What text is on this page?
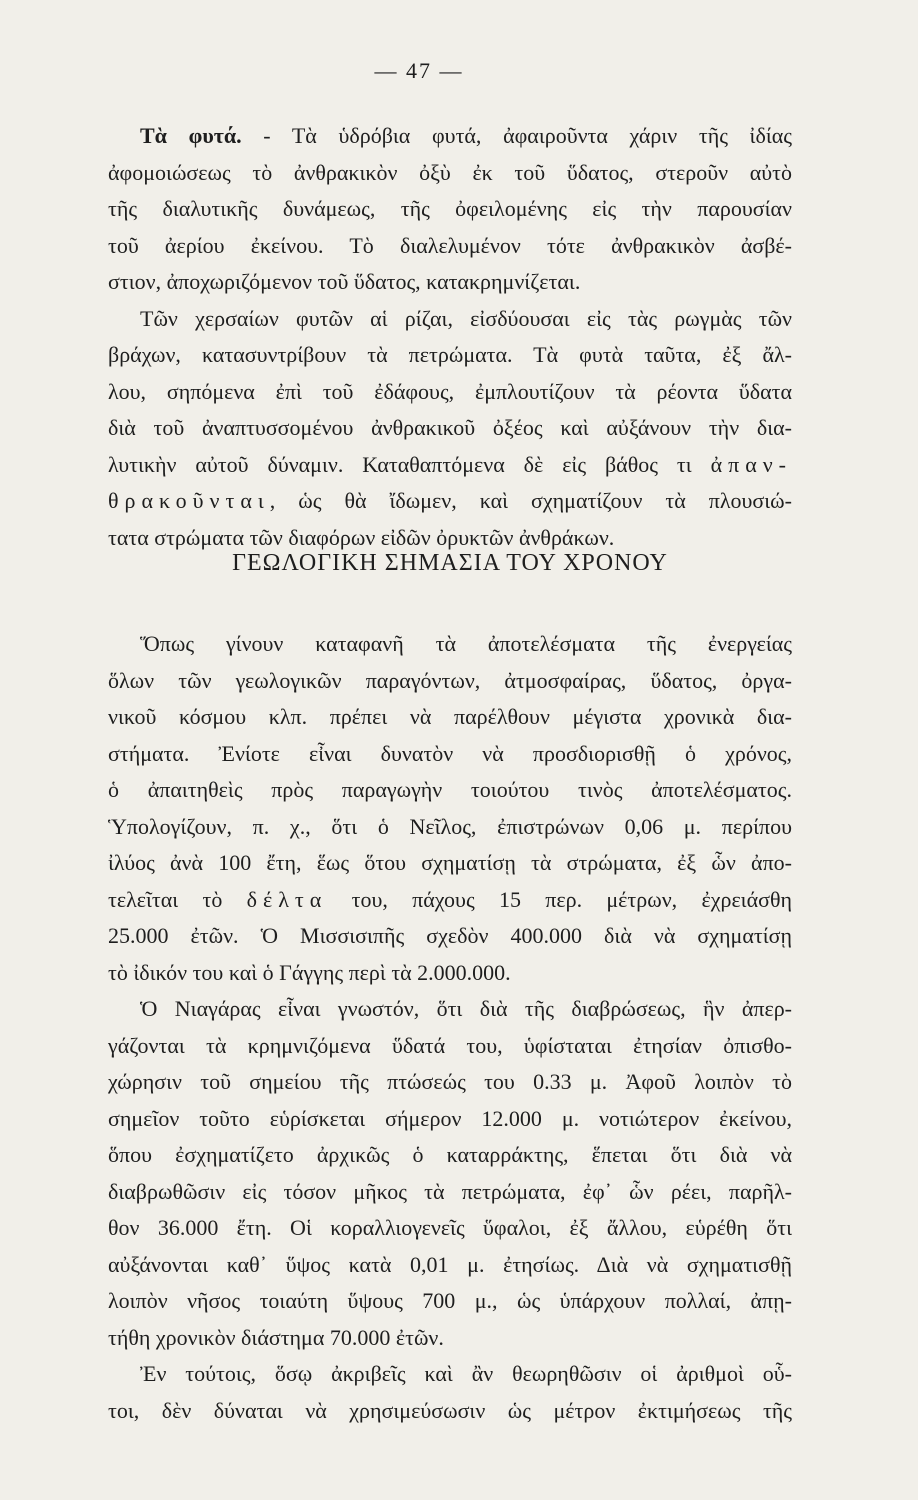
— 47 —
Τὰ φυτά. - Τὰ ὑδρόβια φυτά, ἀφαιροῦντα χάριν τῆς ἰδίας
ἀφομοιώσεως τὸ ἀνθρακικὸν ὀξὺ ἐκ τοῦ ὕδατος, στεροῦν αὐτὸ
τῆς διαλυτικῆς δυνάμεως, τῆς ὀφειλομένης εἰς τὴν παρουσίαν
τοῦ ἀερίου ἐκείνου. Τὸ διαλελυμένον τότε ἀνθρακικὸν ἀσβέ-
στιον, ἀποχωριζόμενον τοῦ ὕδατος, κατακρημνίζεται.
Τῶν χερσαίων φυτῶν αἱ ρίζαι, εἰσδύουσαι εἰς τὰς ρωγμὰς τῶν
βράχων, κατασυντρίβουν τὰ πετρώματα. Τὰ φυτὰ ταῦτα, ἐξ ἄλ-
λου, σηπόμενα ἐπὶ τοῦ ἐδάφους, ἐμπλουτίζουν τὰ ρέοντα ὕδατα
διὰ τοῦ ἀναπτυσσομένου ἀνθρακικοῦ ὀξέος καὶ αὐξάνουν τὴν δια-
λυτικὴν αὐτοῦ δύναμιν. Καταθαπτόμενα δὲ εἰς βάθος τι ἀπαν-
θρακοῦνται, ὡς θὰ ἴδωμεν, καὶ σχηματίζουν τὰ πλουσιώ-
τατα στρώματα τῶν διαφόρων εἰδῶν ὀρυκτῶν ἀνθράκων.
ΓΕΩΛΟΓΙΚΗ ΣΗΜΑΣΙΑ ΤΟΥ ΧΡΟΝΟΥ
Ὅπως γίνουν καταφανῆ τὰ ἀποτελέσματα τῆς ἐνεργείας
ὅλων τῶν γεωλογικῶν παραγόντων, ἀτμοσφαίρας, ὕδατος, ὀργα-
νικοῦ κόσμου κλπ. πρέπει νὰ παρέλθουν μέγιστα χρονικὰ δια-
στήματα. Ἐνίοτε εἶναι δυνατὸν νὰ προσδιορισθῇ ὁ χρόνος,
ὁ ἀπαιτηθεὶς πρὸς παραγωγὴν τοιούτου τινὸς ἀποτελέσματος.
Ὑπολογίζουν, π. χ., ὅτι ὁ Νεῖλος, ἐπιστρώνων 0,06 μ. περίπου
ἰλύος ἀνὰ 100 ἔτη, ἕως ὅτου σχηματίσῃ τὰ στρώματα, ἐξ ὧν ἀπο-
τελεῖται τὸ δέλτα του, πάχους 15 περ. μέτρων, ἐχρειάσθη
25.000 ἐτῶν. Ὁ Μισσισιπῆς σχεδὸν 400.000 διὰ νὰ σχηματίσῃ
τὸ ἰδικόν του καὶ ὁ Γάγγης περὶ τὰ 2.000.000.
Ὁ Νιαγάρας εἶναι γνωστόν, ὅτι διὰ τῆς διαβρώσεως, ἣν ἀπερ-
γάζονται τὰ κρημνιζόμενα ὕδατά του, ὑφίσταται ἐτησίαν ὀπισθο-
χώρησιν τοῦ σημείου τῆς πτώσεώς του 0.33 μ. Ἀφοῦ λοιπὸν τὸ
σημεῖον τοῦτο εὑρίσκεται σήμερον 12.000 μ. νοτιώτερον ἐκείνου,
ὅπου ἐσχηματίζετο ἀρχικῶς ὁ καταρράκτης, ἕπεται ὅτι διὰ νὰ
διαβρωθῶσιν εἰς τόσον μῆκος τὰ πετρώματα, ἐφ᾽ ὧν ρέει, παρῆλ-
θον 36.000 ἔτη. Οἱ κοραλλιογενεῖς ὕφαλοι, ἐξ ἄλλου, εὑρέθη ὅτι
αὐξάνονται καθ᾽ ὕψος κατὰ 0,01 μ. ἐτησίως. Διὰ νὰ σχηματισθῇ
λοιπὸν νῆσος τοιαύτη ὕψους 700 μ., ὡς ὑπάρχουν πολλαί, ἀπῃ-
τήθη χρονικὸν διάστημα 70.000 ἐτῶν.
Ἐν τούτοις, ὅσῳ ἀκριβεῖς καὶ ἂν θεωρηθῶσιν οἱ ἀριθμοὶ οὗ-
τοι, δὲν δύναται νὰ χρησιμεύσωσιν ὡς μέτρον ἐκτιμήσεως τῆς
